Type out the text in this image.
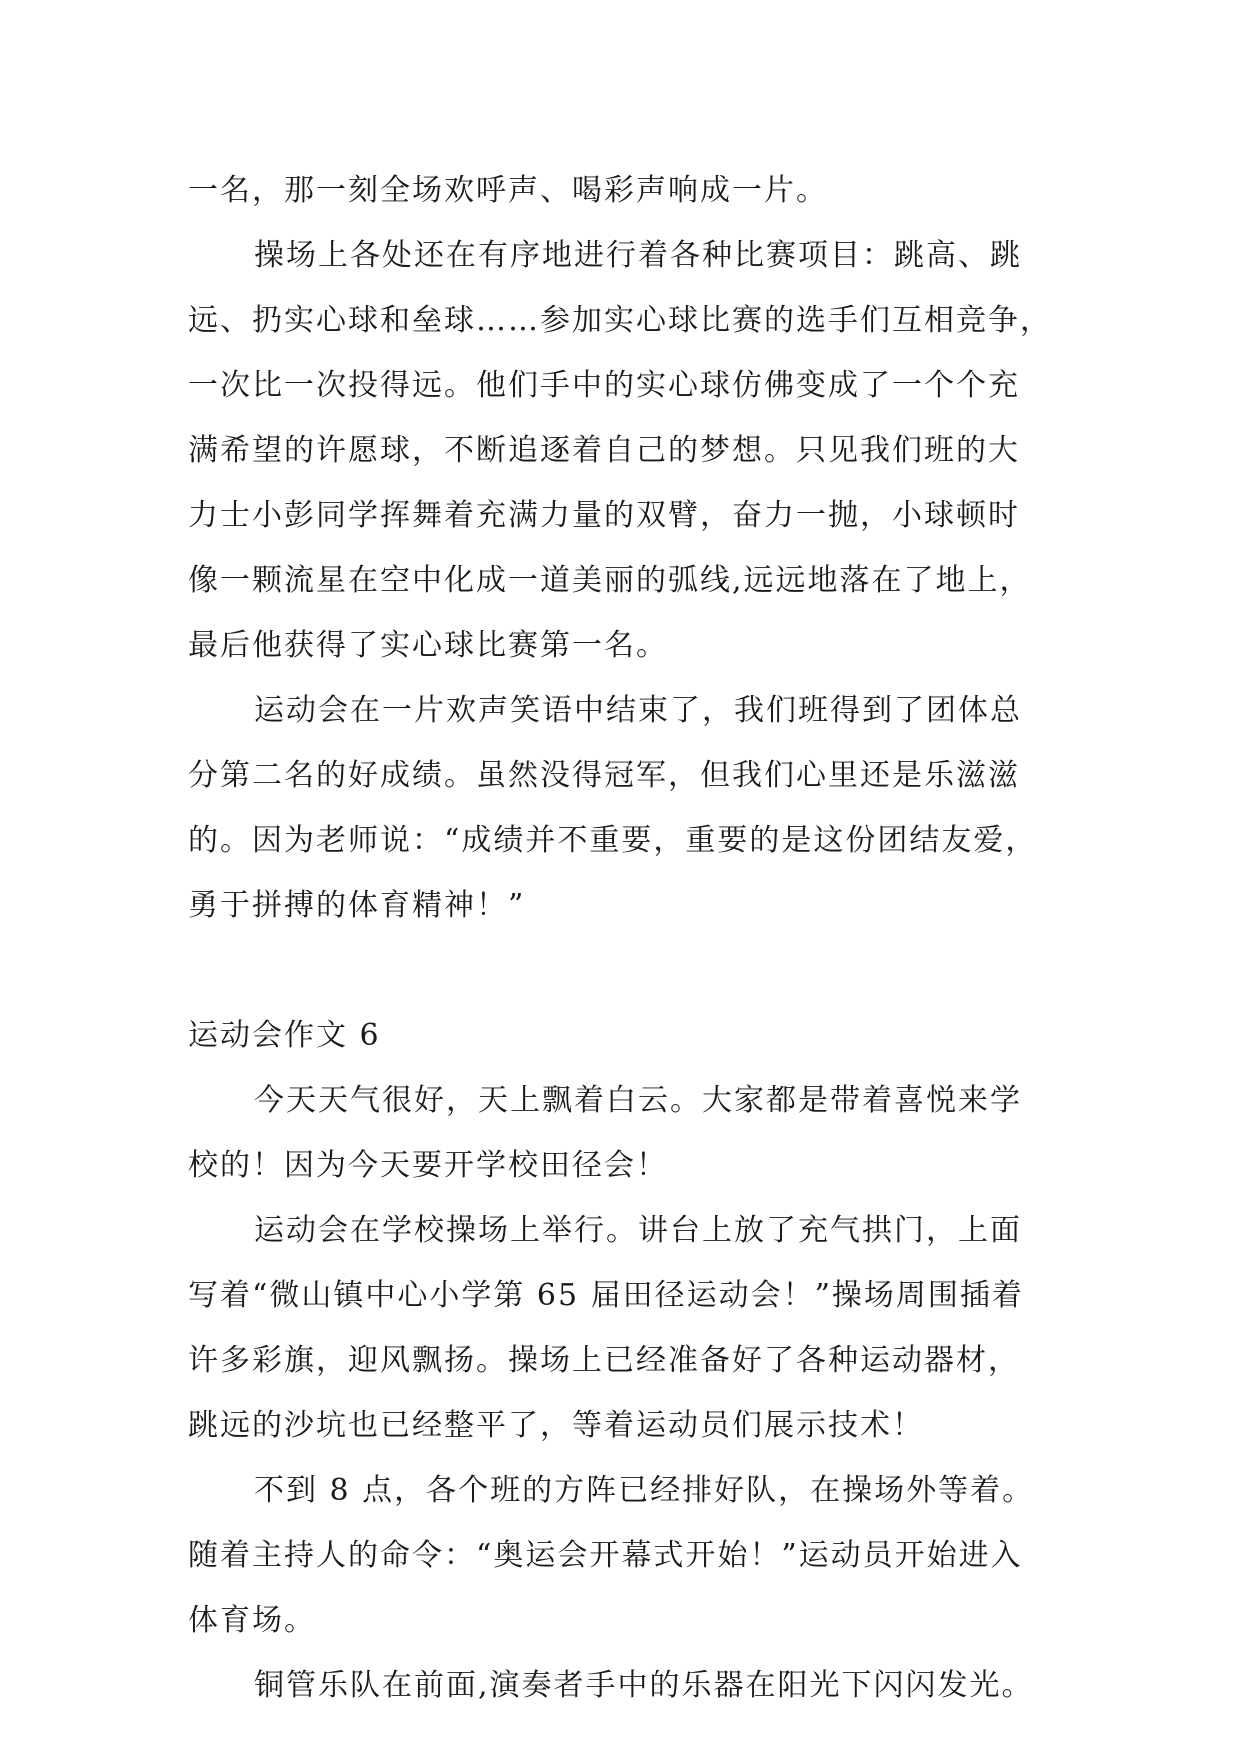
一名，那一刻全场欢呼声、喝彩声响成一片。
操场上各处还在有序地进行着各种比赛项目：跳高、跳
远、扔实心球和垒球……参加实心球比赛的选手们互相竞争，
一次比一次投得远。他们手中的实心球仿佛变成了一个个充
满希望的许愿球，不断追逐着自己的梦想。只见我们班的大
力士小彭同学挥舞着充满力量的双臂，奋力一抛，小球顿时
像一颗流星在空中化成一道美丽的弧线,远远地落在了地上，
最后他获得了实心球比赛第一名。
运动会在一片欢声笑语中结束了，我们班得到了团体总
分第二名的好成绩。虽然没得冠军，但我们心里还是乐滋滋
的。因为老师说：“成绩并不重要，重要的是这份团结友爱，
勇于拼搏的体育精神！”
运动会作文 6
今天天气很好，天上飘着白云。大家都是带着喜悦来学
校的！因为今天要开学校田径会！
运动会在学校操场上举行。讲台上放了充气拱门，上面
写着“微山镇中心小学第 65 届田径运动会！”操场周围插着
许多彩旗，迎风飘扬。操场上已经准备好了各种运动器材，
跳远的沙坑也已经整平了，等着运动员们展示技术！
不到 8 点，各个班的方阵已经排好队，在操场外等着。
随着主持人的命令：“奥运会开幕式开始！”运动员开始进入
体育场。
铜管乐队在前面,演奏者手中的乐器在阳光下闪闪发光。
